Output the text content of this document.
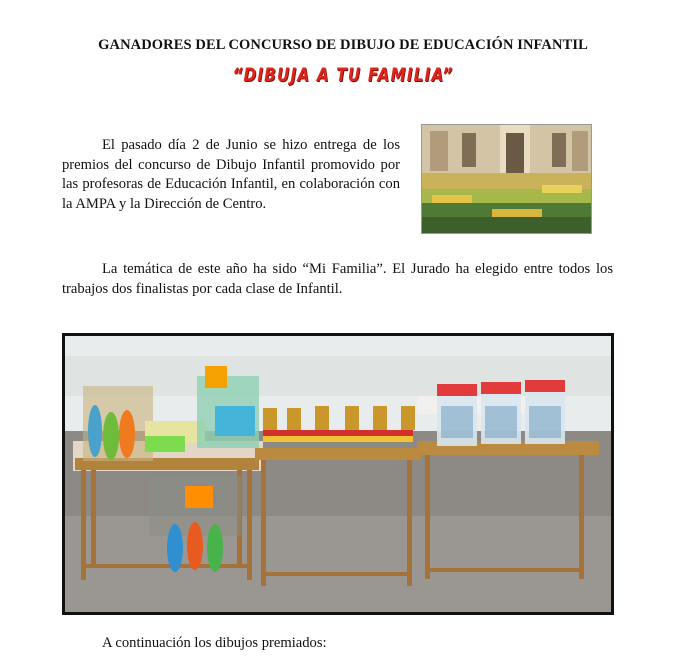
GANADORES DEL CONCURSO DE DIBUJO DE EDUCACIÓN INFANTIL
“DIBUJA A TU FAMILIA”

El pasado día 2 de Junio se hizo entrega de los premios del concurso de Dibujo Infantil promovido por las profesoras de Educación Infantil, en colaboración con la AMPA y la Dirección de Centro.

La temática de este año ha sido “Mi Familia”. El Jurado ha elegido entre todos los trabajos dos finalistas por cada clase de Infantil.

A continuación los dibujos premiados:
